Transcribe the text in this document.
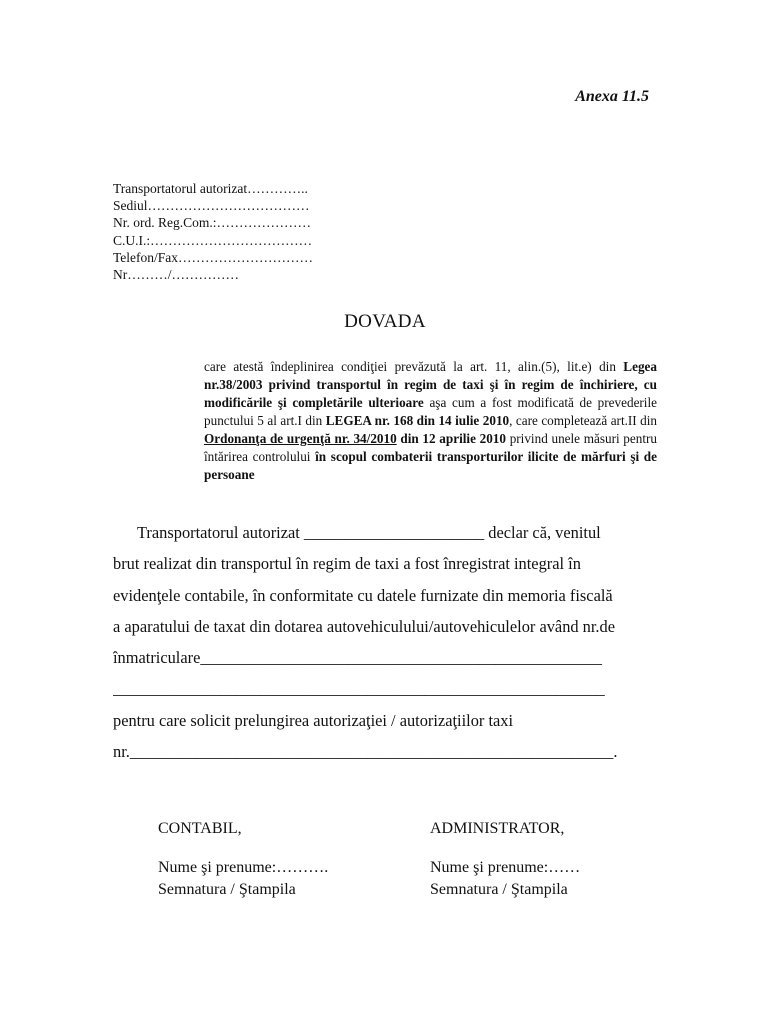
Anexa 11.5
Transportatorul autorizat…………..
Sediul………………………………
Nr. ord. Reg.Com.:…………………
C.U.I.:………………………………
Telefon/Fax…………………………
Nr………/……………
DOVADA
care atestă îndeplinirea condiţiei prevăzută la art. 11, alin.(5), lit.e) din Legea nr.38/2003 privind transportul în regim de taxi şi în regim de închiriere, cu modificările şi completările ulterioare aşa cum a fost modificată de prevederile punctului 5 al art.I din LEGEA nr. 168 din 14 iulie 2010, care completează art.II din Ordonanţa de urgenţă nr. 34/2010 din 12 aprilie 2010 privind unele măsuri pentru întărirea controlului în scopul combaterii transporturilor ilicite de mărfuri şi de persoane
Transportatorul autorizat ______________________ declar că, venitul
brut realizat din transportul în regim de taxi a fost înregistrat integral în
evidenţele contabile, în conformitate cu datele furnizate din memoria fiscală
a aparatului de taxat din dotarea autovehiculului/autovehiculelor având nr.de
înmatriculare_________________________________________________
____________________________________________________________
pentru care solicit prelungirea autorizaţiei / autorizaţiilor taxi
nr.___________________________________________________________.
CONTABIL,
Nume şi prenume:……….
Semnatura / Ştampila
ADMINISTRATOR,
Nume şi prenume:……
Semnatura / Ştampila
